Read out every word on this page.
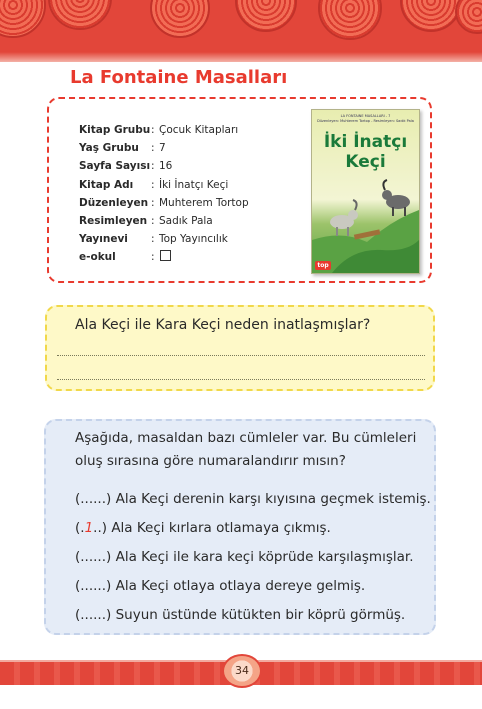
La Fontaine Masalları
Kitap Grubu	:	Çocuk Kitapları
Yaş Grubu	:	7
Sayfa Sayısı	:	16
Kitap Adı	:	İki İnatçı Keçi
Düzenleyen	:	Muhterem Tortop
Resimleyen	:	Sadık Pala
Yayınevi	:	Top Yayıncılık
e-okul	:	
LA FONTAINE MASALLARI - 7
Düzenleyen: Muhterem Tortop - Resimleyen: Sadık Pala
İki İnatçı Keçi
top

Ala Keçi ile Kara Keçi neden inatlaşmışlar?

Aşağıda, masaldan bazı cümleler var. Bu cümleleri oluş sırasına göre numaralandırır mısın?

(......) Ala Keçi derenin karşı kıyısına geçmek istemiş.
(.1..) Ala Keçi kırlara otlamaya çıkmış.
(......) Ala Keçi ile kara keçi köprüde karşılaşmışlar.
(......) Ala Keçi otlaya otlaya dereye gelmiş.
(......) Suyun üstünde kütükten bir köprü görmüş.
34
